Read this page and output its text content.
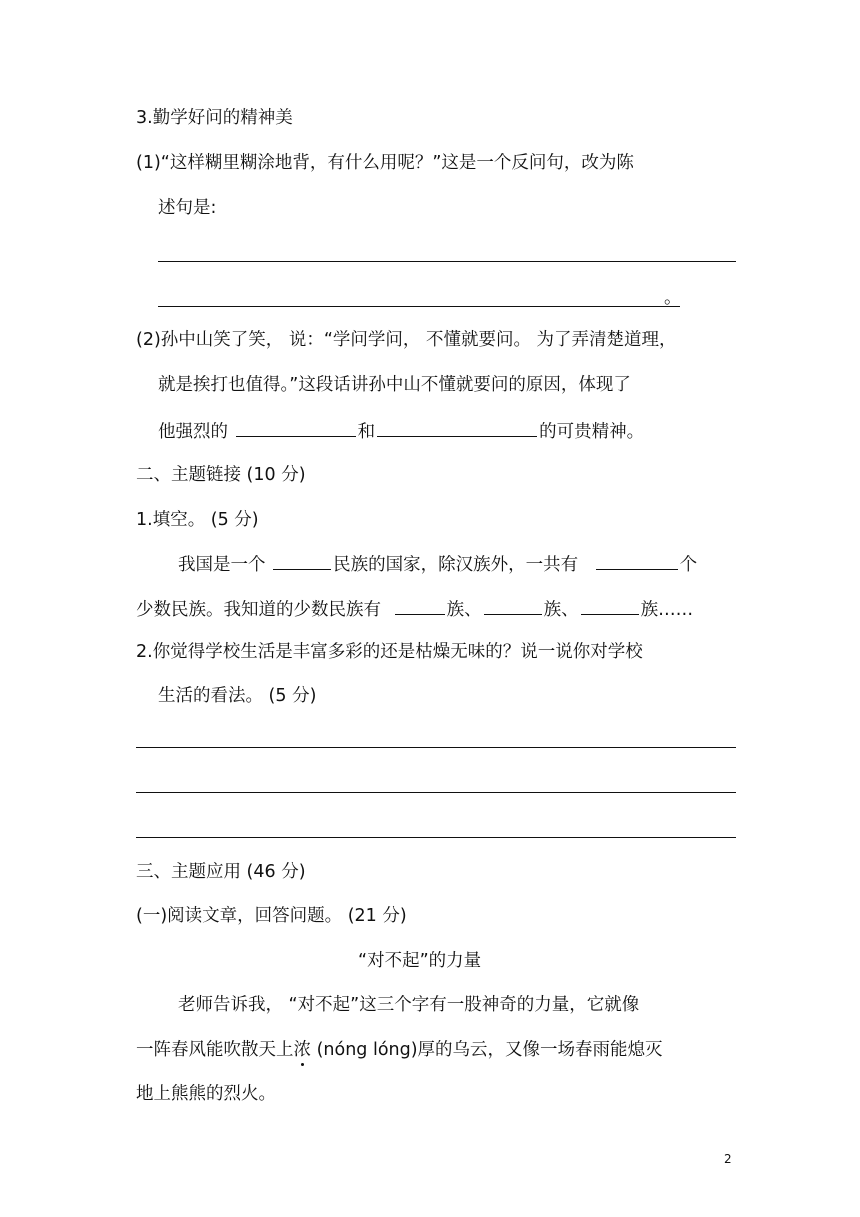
3.勤学好问的精神美
(1)“这样糊里糊涂地背，有什么用呢？”这是一个反问句，改为陈
述句是:
。
(2)孙中山笑了笑， 说：“学问学问， 不懂就要问。 为了弄清楚道理，
就是挨打也值得。”这段话讲孙中山不懂就要问的原因，体现了
他强烈的	和	的可贵精神。
二、主题链接 (10 分)
1.填空。 (5 分)
我国是一个	民族的国家，除汉族外，一共有	个
少数民族。我知道的少数民族有	族、	族、	族……
2.你觉得学校生活是丰富多彩的还是枯燥无味的？说一说你对学校
生活的看法。 (5 分)
三、主题应用 (46 分)
(一)阅读文章，回答问题。 (21 分)
“对不起”的力量
老师告诉我， “对不起”这三个字有一股神奇的力量，它就像
一阵春风能吹散天上浓 (nóng lóng)厚的乌云，又像一场春雨能熄灭
地上熊熊的烈火。
2
